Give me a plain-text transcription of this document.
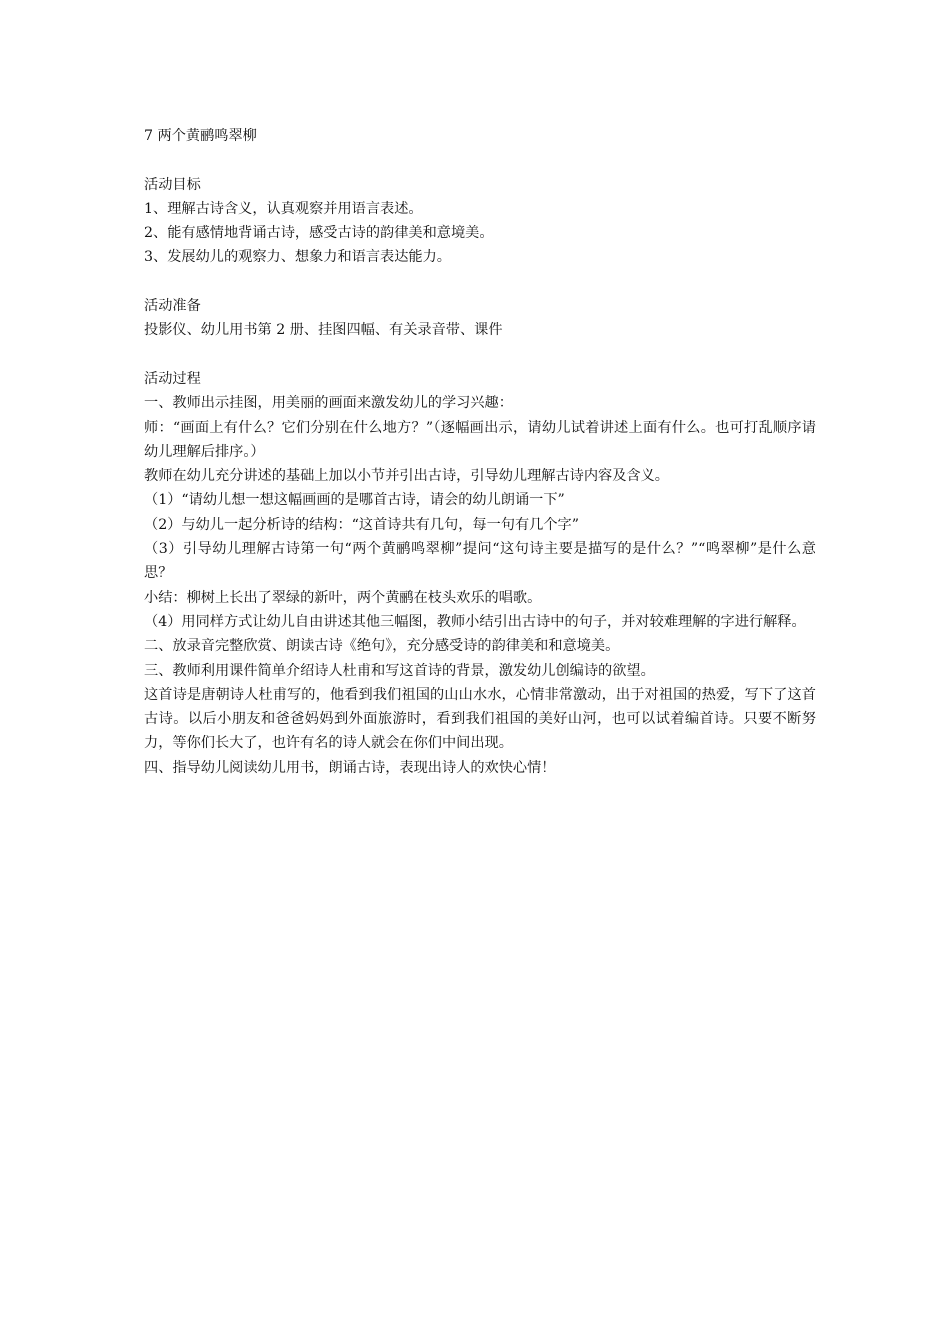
7 两个黄鹂鸣翠柳
活动目标
1、理解古诗含义，认真观察并用语言表述。
2、能有感情地背诵古诗，感受古诗的韵律美和意境美。
3、发展幼儿的观察力、想象力和语言表达能力。
活动准备
投影仪、幼儿用书第 2 册、挂图四幅、有关录音带、课件
活动过程
一、教师出示挂图，用美丽的画面来激发幼儿的学习兴趣：
师：“画面上有什么？它们分别在什么地方？”（逐幅画出示，请幼儿试着讲述上面有什么。也可打乱顺序请幼儿理解后排序。）
教师在幼儿充分讲述的基础上加以小节并引出古诗，引导幼儿理解古诗内容及含义。
（1）“请幼儿想一想这幅画画的是哪首古诗，请会的幼儿朗诵一下”
（2）与幼儿一起分析诗的结构：“这首诗共有几句，每一句有几个字”
（3）引导幼儿理解古诗第一句“两个黄鹂鸣翠柳”提问“这句诗主要是描写的是什么？”“鸣翠柳”是什么意思？
小结：柳树上长出了翠绿的新叶，两个黄鹂在枝头欢乐的唱歌。
（4）用同样方式让幼儿自由讲述其他三幅图，教师小结引出古诗中的句子，并对较难理解的字进行解释。
二、放录音完整欣赏、朗读古诗《绝句》，充分感受诗的韵律美和和意境美。
三、教师利用课件简单介绍诗人杜甫和写这首诗的背景，激发幼儿创编诗的欲望。
这首诗是唐朝诗人杜甫写的，他看到我们祖国的山山水水，心情非常激动，出于对祖国的热爱，写下了这首古诗。以后小朋友和爸爸妈妈到外面旅游时，看到我们祖国的美好山河，也可以试着编首诗。只要不断努力，等你们长大了，也许有名的诗人就会在你们中间出现。
四、指导幼儿阅读幼儿用书，朗诵古诗，表现出诗人的欢快心情！
